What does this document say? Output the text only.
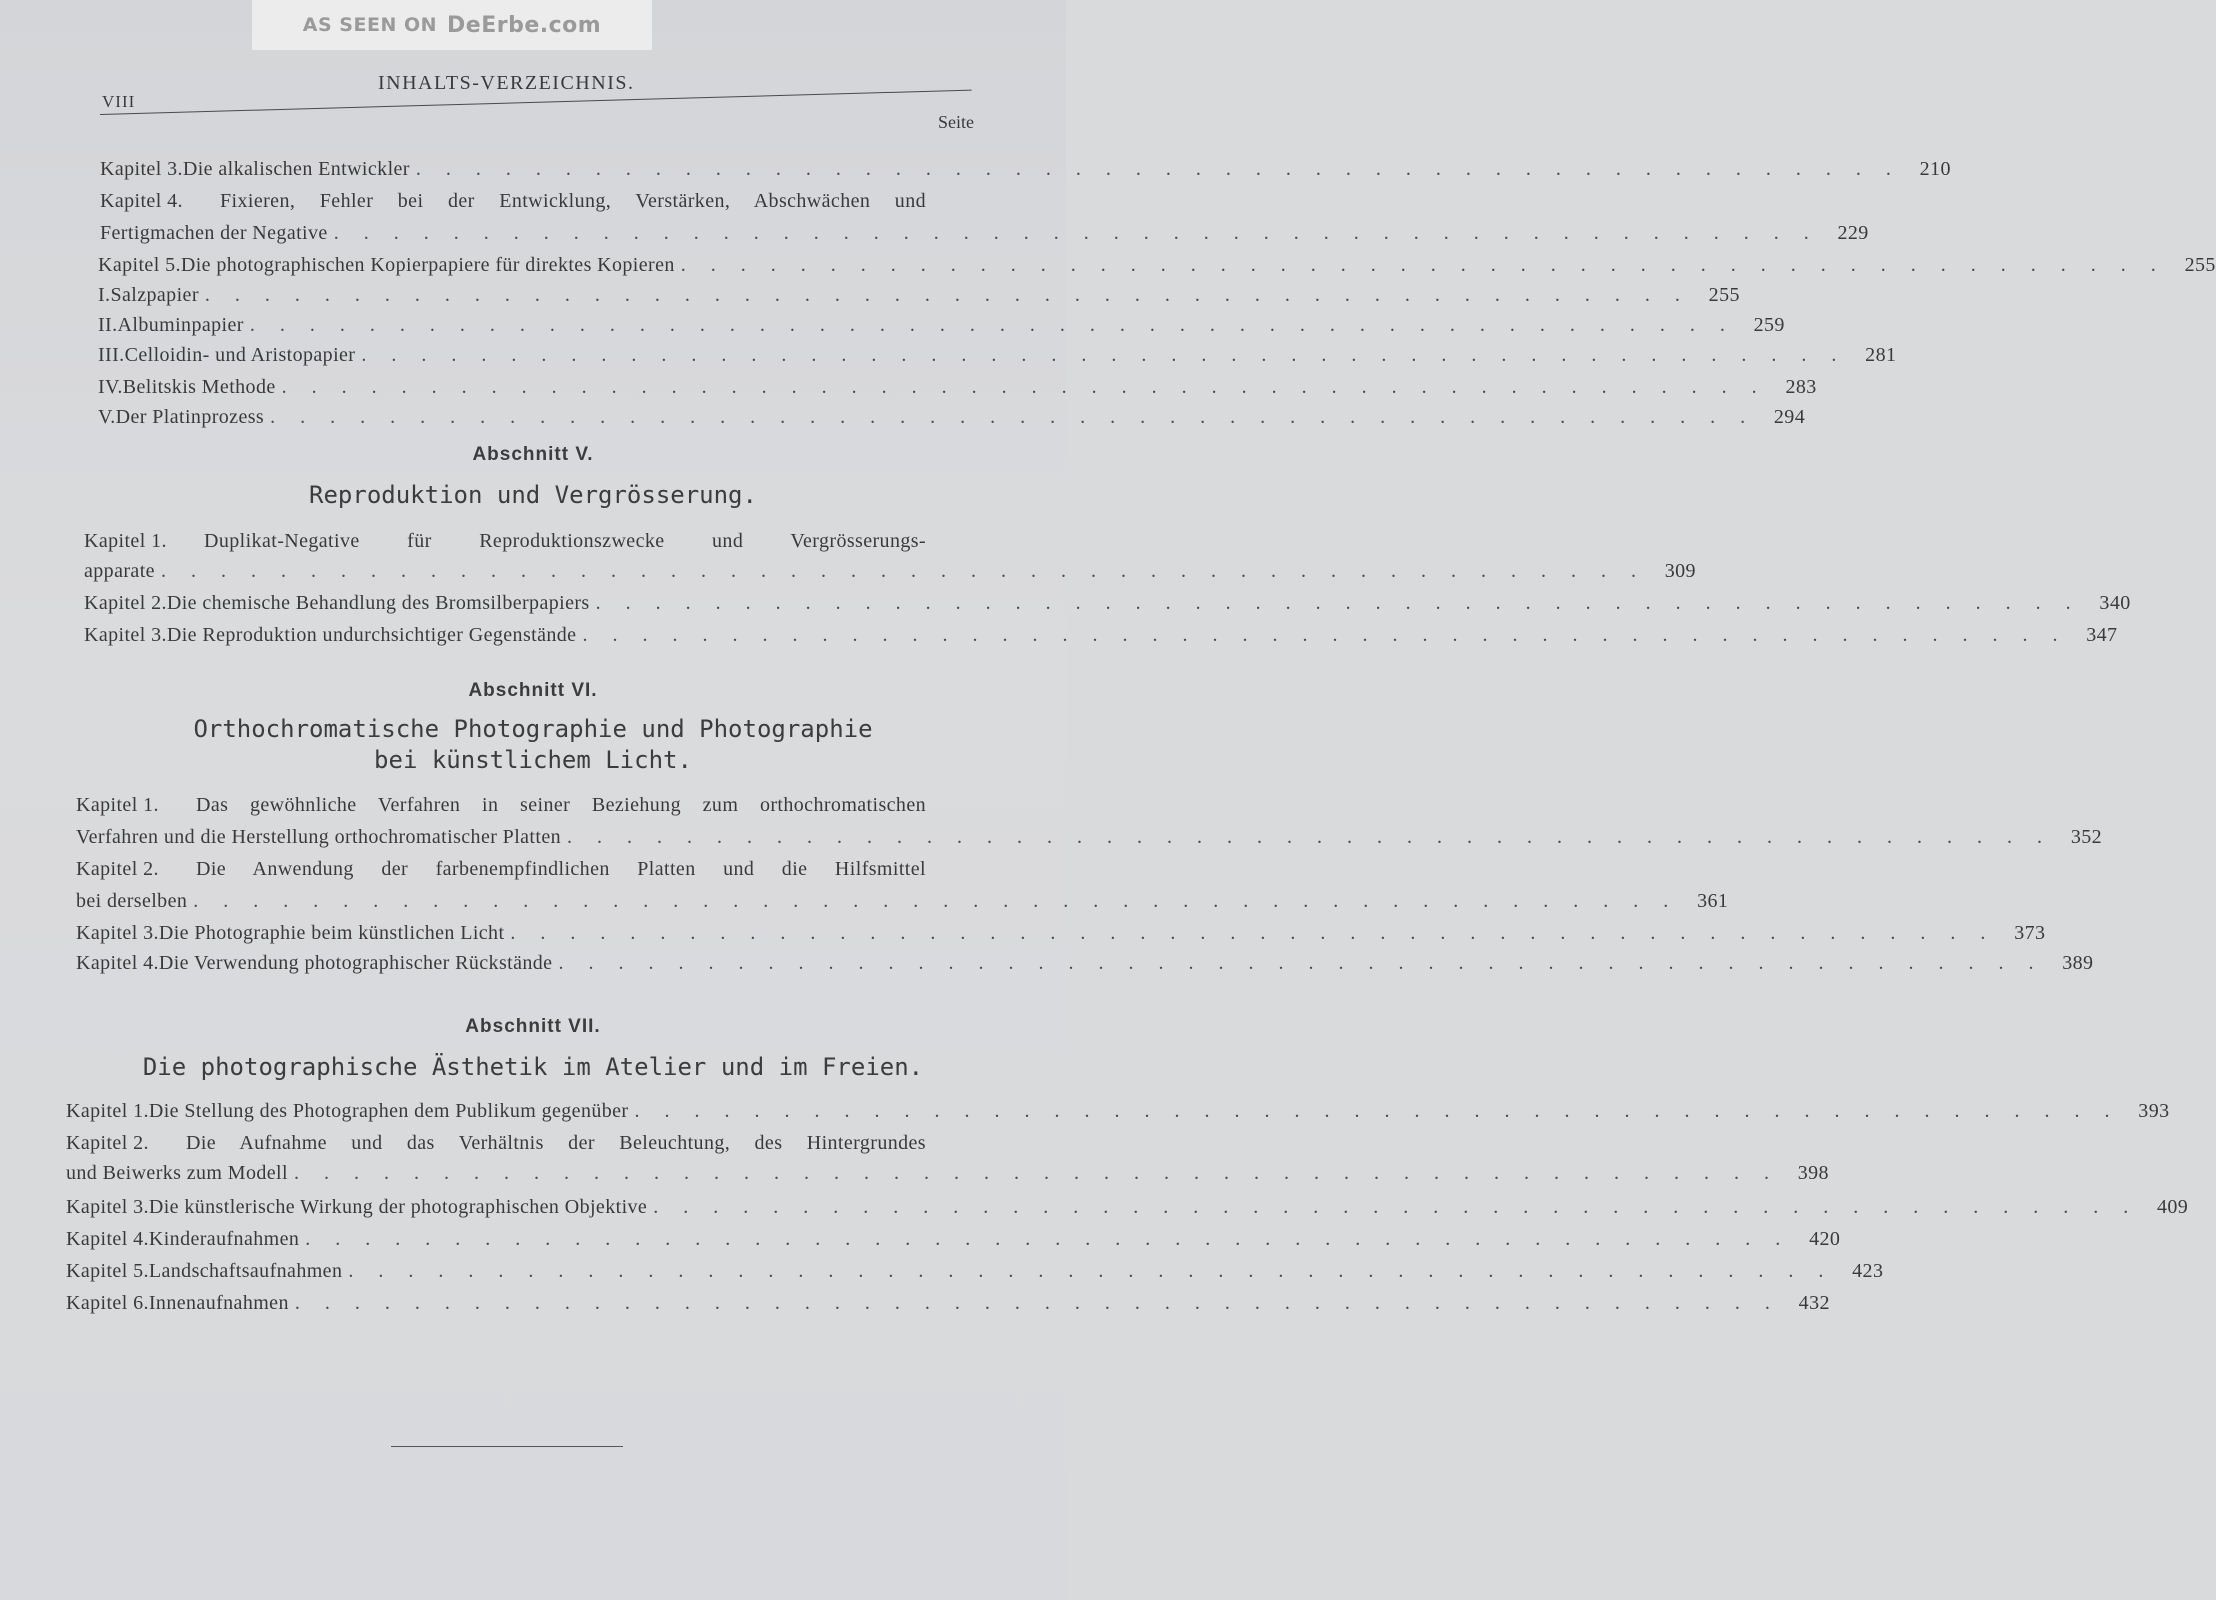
AS SEEN ON DeErbe.com
VIII
INHALTS-VERZEICHNIS.
Seite
Kapitel 3. Die alkalischen Entwickler . . . . . . . . . . . . . . . . . . . . . . . . . . . . . . . . . . . . . . . . . . . . . . . . . . 210
Kapitel 4.	Fixieren, Fehler bei der Entwicklung, Verstärken, Abschwächen und
Fertigmachen der Negative . . . . . . . . . . . . . . . . . . . . . . . . . . . . . . . . . . . . . . . . . . . . . . . . . . 229
Kapitel 5. Die photographischen Kopierpapiere für direktes Kopieren . . . . . . . . . . . . . . . . . . . . . . . . . . . . . . . . . . . . . . . . . . . . . . . . . . 255
I. Salzpapier . . . . . . . . . . . . . . . . . . . . . . . . . . . . . . . . . . . . . . . . . . . . . . . . . . 255
II. Albuminpapier . . . . . . . . . . . . . . . . . . . . . . . . . . . . . . . . . . . . . . . . . . . . . . . . . . 259
III. Celloidin- und Aristopapier . . . . . . . . . . . . . . . . . . . . . . . . . . . . . . . . . . . . . . . . . . . . . . . . . . 281
IV. Belitskis Methode . . . . . . . . . . . . . . . . . . . . . . . . . . . . . . . . . . . . . . . . . . . . . . . . . . 283
V. Der Platinprozess . . . . . . . . . . . . . . . . . . . . . . . . . . . . . . . . . . . . . . . . . . . . . . . . . . 294
Abschnitt V.
Reproduktion und Vergrösserung.
Kapitel 1.	Duplikat-Negative für Reproduktionszwecke und Vergrösserungs-
apparate . . . . . . . . . . . . . . . . . . . . . . . . . . . . . . . . . . . . . . . . . . . . . . . . . . 309
Kapitel 2. Die chemische Behandlung des Bromsilberpapiers . . . . . . . . . . . . . . . . . . . . . . . . . . . . . . . . . . . . . . . . . . . . . . . . . . 340
Kapitel 3. Die Reproduktion undurchsichtiger Gegenstände . . . . . . . . . . . . . . . . . . . . . . . . . . . . . . . . . . . . . . . . . . . . . . . . . . 347
Abschnitt VI.
Orthochromatische Photographie und Photographie
bei künstlichem Licht.
Kapitel 1.	Das gewöhnliche Verfahren in seiner Beziehung zum orthochromatischen
Verfahren und die Herstellung orthochromatischer Platten . . . . . . . . . . . . . . . . . . . . . . . . . . . . . . . . . . . . . . . . . . . . . . . . . . 352
Kapitel 2.	Die Anwendung der farbenempfindlichen Platten und die Hilfsmittel
bei derselben . . . . . . . . . . . . . . . . . . . . . . . . . . . . . . . . . . . . . . . . . . . . . . . . . . 361
Kapitel 3. Die Photographie beim künstlichen Licht . . . . . . . . . . . . . . . . . . . . . . . . . . . . . . . . . . . . . . . . . . . . . . . . . . 373
Kapitel 4. Die Verwendung photographischer Rückstände . . . . . . . . . . . . . . . . . . . . . . . . . . . . . . . . . . . . . . . . . . . . . . . . . . 389
Abschnitt VII.
Die photographische Ästhetik im Atelier und im Freien.
Kapitel 1. Die Stellung des Photographen dem Publikum gegenüber . . . . . . . . . . . . . . . . . . . . . . . . . . . . . . . . . . . . . . . . . . . . . . . . . . 393
Kapitel 2.	Die Aufnahme und das Verhältnis der Beleuchtung, des Hintergrundes
und Beiwerks zum Modell . . . . . . . . . . . . . . . . . . . . . . . . . . . . . . . . . . . . . . . . . . . . . . . . . . 398
Kapitel 3. Die künstlerische Wirkung der photographischen Objektive . . . . . . . . . . . . . . . . . . . . . . . . . . . . . . . . . . . . . . . . . . . . . . . . . . 409
Kapitel 4. Kinderaufnahmen . . . . . . . . . . . . . . . . . . . . . . . . . . . . . . . . . . . . . . . . . . . . . . . . . . 420
Kapitel 5. Landschaftsaufnahmen . . . . . . . . . . . . . . . . . . . . . . . . . . . . . . . . . . . . . . . . . . . . . . . . . . 423
Kapitel 6. Innenaufnahmen . . . . . . . . . . . . . . . . . . . . . . . . . . . . . . . . . . . . . . . . . . . . . . . . . . 432
